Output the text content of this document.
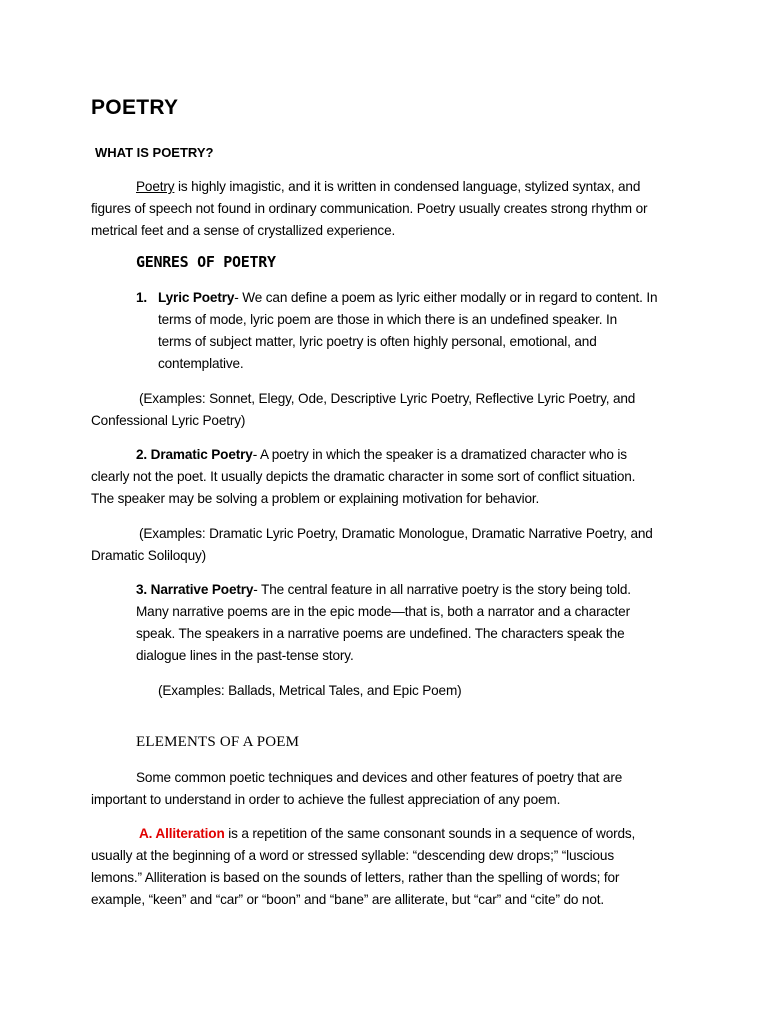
POETRY
WHAT IS POETRY?
Poetry is highly imagistic, and it is written in condensed language, stylized syntax, and
figures of speech not found in ordinary communication. Poetry usually creates strong rhythm or
metrical feet and a sense of crystallized experience.
GENRES OF POETRY
1. Lyric Poetry- We can define a poem as lyric either modally or in regard to content. In
terms of mode, lyric poem are those in which there is an undefined speaker. In
terms of subject matter, lyric poetry is often highly personal, emotional, and
contemplative.
(Examples: Sonnet, Elegy, Ode, Descriptive Lyric Poetry, Reflective Lyric Poetry, and
Confessional Lyric Poetry)
2. Dramatic Poetry- A poetry in which the speaker is a dramatized character who is
clearly not the poet. It usually depicts the dramatic character in some sort of conflict situation.
The speaker may be solving a problem or explaining motivation for behavior.
(Examples: Dramatic Lyric Poetry, Dramatic Monologue, Dramatic Narrative Poetry, and
Dramatic Soliloquy)
3. Narrative Poetry- The central feature in all narrative poetry is the story being told.
Many narrative poems are in the epic mode—that is, both a narrator and a character
speak. The speakers in a narrative poems are undefined. The characters speak the
dialogue lines in the past-tense story.
(Examples: Ballads, Metrical Tales, and Epic Poem)
ELEMENTS OF A POEM
Some common poetic techniques and devices and other features of poetry that are
important to understand in order to achieve the fullest appreciation of any poem.
A. Alliteration is a repetition of the same consonant sounds in a sequence of words,
usually at the beginning of a word or stressed syllable: “descending dew drops;” “luscious
lemons.” Alliteration is based on the sounds of letters, rather than the spelling of words; for
example, “keen” and “car” or “boon” and “bane” are alliterate, but “car” and “cite” do not.
